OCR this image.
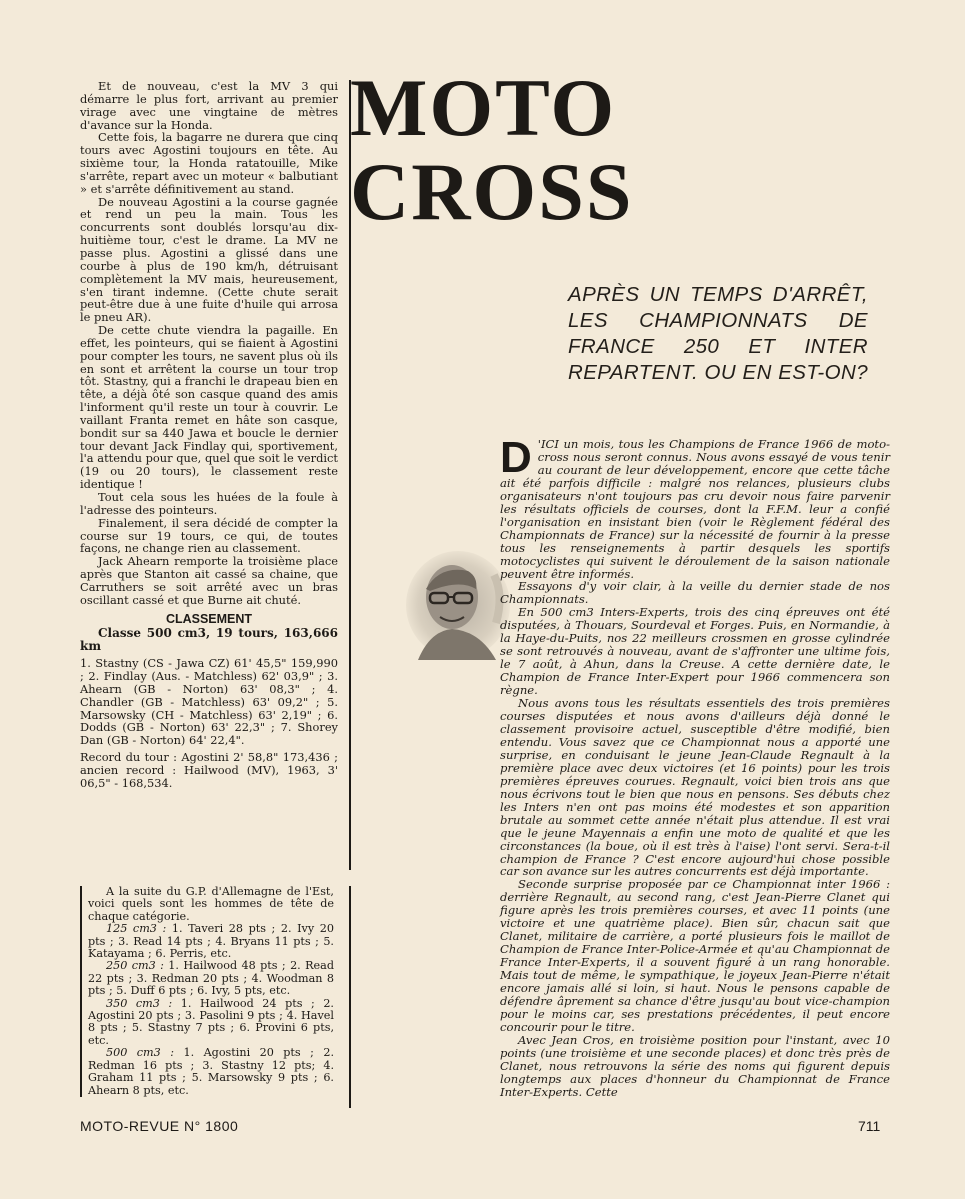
Et de nouveau, c'est la MV 3 qui démarre le plus fort, arrivant au premier virage avec une vingtaine de mètres d'avance sur la Honda.

Cette fois, la bagarre ne durera que cinq tours avec Agostini toujours en tête. Au sixième tour, la Honda ratatouille, Mike s'arrête, repart avec un moteur « balbutiant » et s'arrête définitivement au stand.

De nouveau Agostini a la course gagnée et rend un peu la main. Tous les concurrents sont doublés lorsqu'au dix-huitième tour, c'est le drame. La MV ne passe plus. Agostini a glissé dans une courbe à plus de 190 km/h, détruisant complètement la MV mais, heureusement, s'en tirant indemne. (Cette chute serait peut-être due à une fuite d'huile qui arrosa le pneu AR).

De cette chute viendra la pagaille. En effet, les pointeurs, qui se fiaient à Agostini pour compter les tours, ne savent plus où ils en sont et arrêtent la course un tour trop tôt. Stastny, qui a franchi le drapeau bien en tête, a déjà ôté son casque quand des amis l'informent qu'il reste un tour à couvrir. Le vaillant Franta remet en hâte son casque, bondit sur sa 440 Jawa et boucle le dernier tour devant Jack Findlay qui, sportivement, l'a attendu pour que, quel que soit le verdict (19 ou 20 tours), le classement reste identique !

Tout cela sous les huées de la foule à l'adresse des pointeurs.

Finalement, il sera décidé de compter la course sur 19 tours, ce qui, de toutes façons, ne change rien au classement.

Jack Ahearn remporte la troisième place après que Stanton ait cassé sa chaine, que Carruthers se soit arrêté avec un bras oscillant cassé et que Burne ait chuté.

CLASSEMENT

Classe 500 cm3, 19 tours, 163,666 km

1. Stastny (CS - Jawa CZ) 61' 45,5" 159,990 ; 2. Findlay (Aus. - Matchless) 62' 03,9" ; 3. Ahearn (GB - Norton) 63' 08,3" ; 4. Chandler (GB - Matchless) 63' 09,2" ; 5. Marsowsky (CH - Matchless) 63' 2,19" ; 6. Dodds (GB - Norton) 63' 22,3" ; 7. Shorey Dan (GB - Norton) 64' 22,4".

Record du tour : Agostini 2' 58,8" 173,436 ; ancien record : Hailwood (MV), 1963, 3' 06,5" - 168,534.

A la suite du G.P. d'Allemagne de l'Est, voici quels sont les hommes de tête de chaque catégorie.

125 cm3 : 1. Taveri 28 pts ; 2. Ivy 20 pts ; 3. Read 14 pts ; 4. Bryans 11 pts ; 5. Katayama ; 6. Perris, etc.

250 cm3 : 1. Hailwood 48 pts ; 2. Read 22 pts ; 3. Redman 20 pts ; 4. Woodman 8 pts ; 5. Duff 6 pts ; 6. Ivy, 5 pts, etc.

350 cm3 : 1. Hailwood 24 pts ; 2. Agostini 20 pts ; 3. Pasolini 9 pts ; 4. Havel 8 pts ; 5. Stastny 7 pts ; 6. Provini 6 pts, etc.

500 cm3 : 1. Agostini 20 pts ; 2. Redman 16 pts ; 3. Stastny 12 pts; 4. Graham 11 pts ; 5. Marsowsky 9 pts ; 6. Ahearn 8 pts, etc.

MOTO
CROSS
APRÈS UN TEMPS D'ARRÊT,
LES CHAMPIONNATS DE
FRANCE 250 ET INTER
REPARTENT. OU EN EST-ON?

D 'ICI un mois, tous les Champions de France 1966 de moto-cross nous seront connus. Nous avons essayé de vous tenir au courant de leur développement, encore que cette tâche ait été parfois difficile : malgré nos relances, plusieurs clubs organisateurs n'ont toujours pas cru devoir nous faire parvenir les résultats officiels de courses, dont la F.F.M. leur a confié l'organisation en insistant bien (voir le Règlement fédéral des Championnats de France) sur la nécessité de fournir à la presse tous les renseignements à partir desquels les sportifs motocyclistes qui suivent le déroulement de la saison nationale peuvent être informés.

Essayons d'y voir clair, à la veille du dernier stade de nos Championnats.

En 500 cm3 Inters-Experts, trois des cinq épreuves ont été disputées, à Thouars, Sourdeval et Forges. Puis, en Normandie, à la Haye-du-Puits, nos 22 meilleurs crossmen en grosse cylindrée se sont retrouvés à nouveau, avant de s'affronter une ultime fois, le 7 août, à Ahun, dans la Creuse. A cette dernière date, le Champion de France Inter-Expert pour 1966 commencera son règne.

Nous avons tous les résultats essentiels des trois premières courses disputées et nous avons d'ailleurs déjà donné le classement provisoire actuel, susceptible d'être modifié, bien entendu. Vous savez que ce Championnat nous a apporté une surprise, en conduisant le jeune Jean-Claude Regnault à la première place avec deux victoires (et 16 points) pour les trois premières épreuves courues. Regnault, voici bien trois ans que nous écrivons tout le bien que nous en pensons. Ses débuts chez les Inters n'en ont pas moins été modestes et son apparition brutale au sommet cette année n'était plus attendue. Il est vrai que le jeune Mayennais a enfin une moto de qualité et que les circonstances (la boue, où il est très à l'aise) l'ont servi. Sera-t-il champion de France ? C'est encore aujourd'hui chose possible car son avance sur les autres concurrents est déjà importante.

Seconde surprise proposée par ce Championnat inter 1966 : derrière Regnault, au second rang, c'est Jean-Pierre Clanet qui figure après les trois premières courses, et avec 11 points (une victoire et une quatrième place). Bien sûr, chacun sait que Clanet, militaire de carrière, a porté plusieurs fois le maillot de Champion de France Inter-Police-Armée et qu'au Championnat de France Inter-Experts, il a souvent figuré à un rang honorable. Mais tout de même, le sympathique, le joyeux Jean-Pierre n'était encore jamais allé si loin, si haut. Nous le pensons capable de défendre âprement sa chance d'être jusqu'au bout vice-champion pour le moins car, ses prestations précédentes, il peut encore concourir pour le titre.

Avec Jean Cros, en troisième position pour l'instant, avec 10 points (une troisième et une seconde places) et donc très près de Clanet, nous retrouvons la série des noms qui figurent depuis longtemps aux places d'honneur du Championnat de France Inter-Experts. Cette

MOTO-REVUE N° 1800	711
